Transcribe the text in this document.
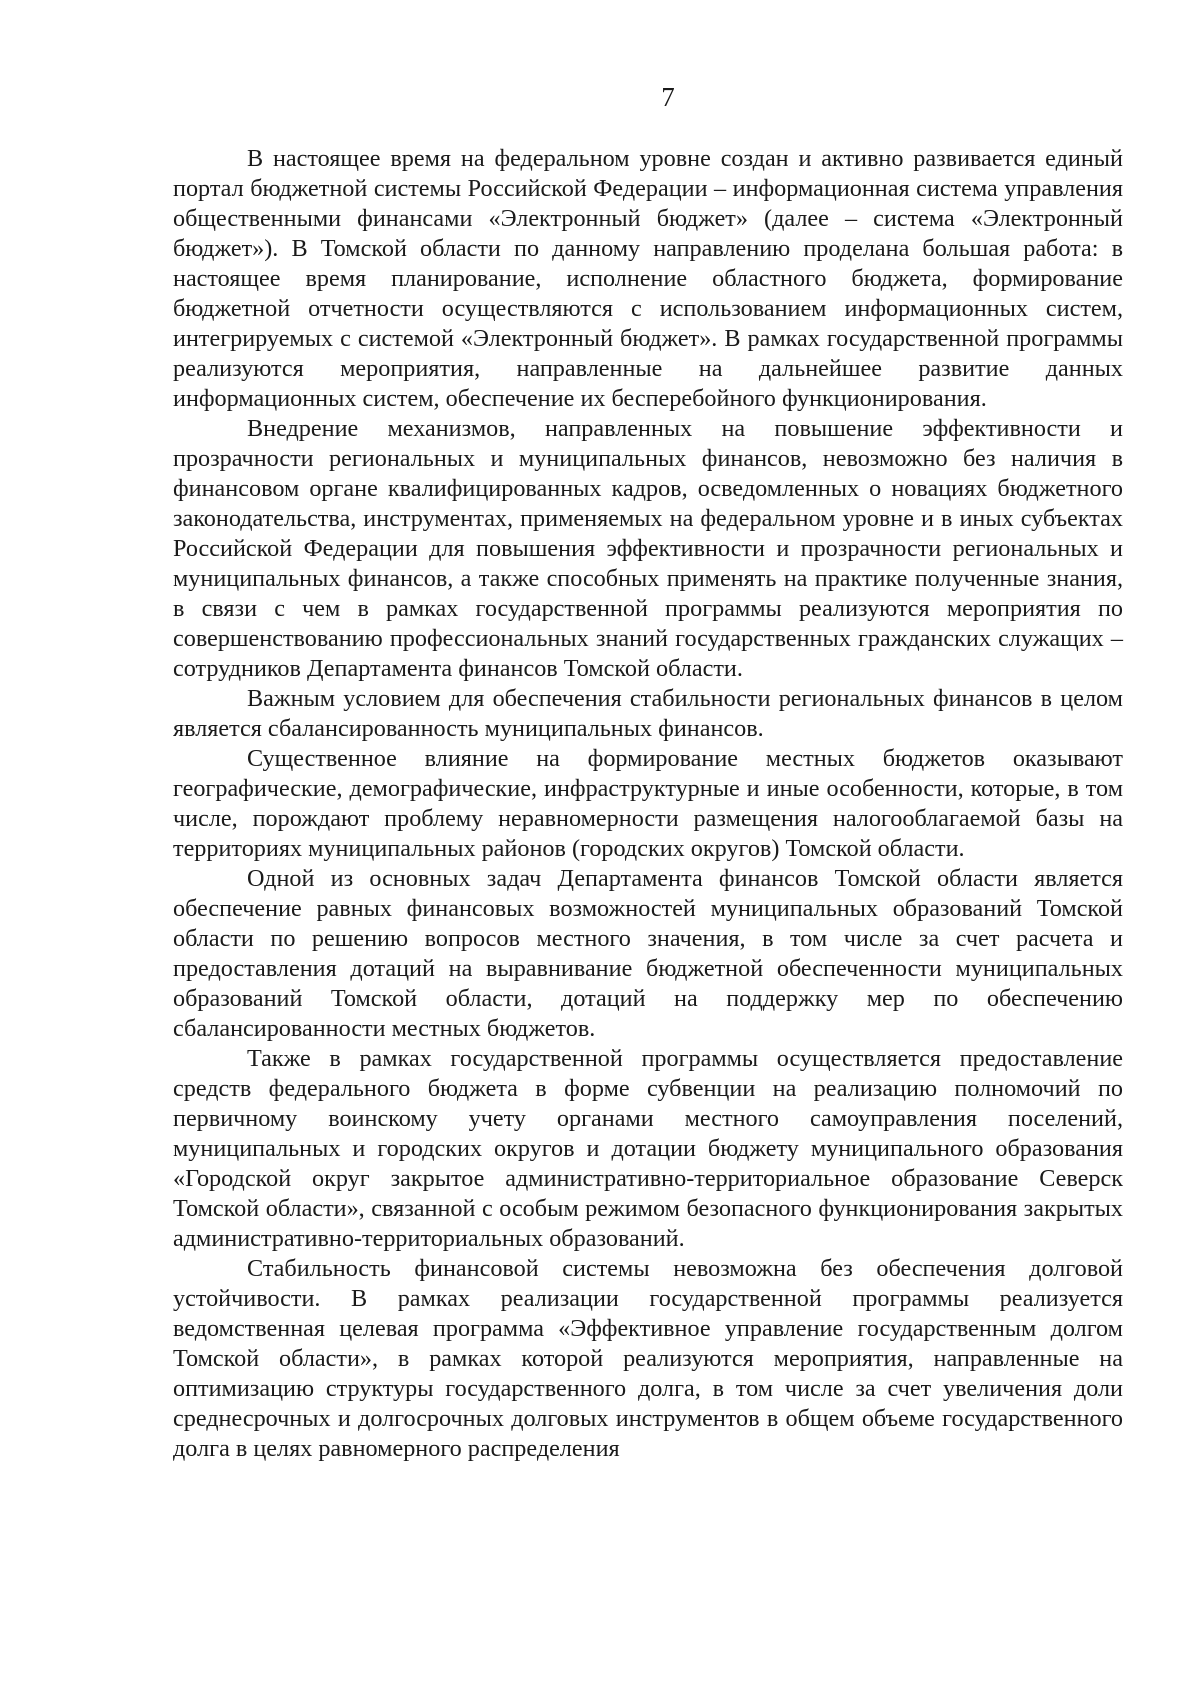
7

В настоящее время на федеральном уровне создан и активно развивается единый портал бюджетной системы Российской Федерации – информационная система управления общественными финансами «Электронный бюджет» (далее – система «Электронный бюджет»). В Томской области по данному направлению проделана большая работа: в настоящее время планирование, исполнение областного бюджета, формирование бюджетной отчетности осуществляются с использованием информационных систем, интегрируемых с системой «Электронный бюджет». В рамках государственной программы реализуются мероприятия, направленные на дальнейшее развитие данных информационных систем, обеспечение их бесперебойного функционирования.

Внедрение механизмов, направленных на повышение эффективности и прозрачности региональных и муниципальных финансов, невозможно без наличия в финансовом органе квалифицированных кадров, осведомленных о новациях бюджетного законодательства, инструментах, применяемых на федеральном уровне и в иных субъектах Российской Федерации для повышения эффективности и прозрачности региональных и муниципальных финансов, а также способных применять на практике полученные знания, в связи с чем в рамках государственной программы реализуются мероприятия по совершенствованию профессиональных знаний государственных гражданских служащих – сотрудников Департамента финансов Томской области.

Важным условием для обеспечения стабильности региональных финансов в целом является сбалансированность муниципальных финансов.

Существенное влияние на формирование местных бюджетов оказывают географические, демографические, инфраструктурные и иные особенности, которые, в том числе, порождают проблему неравномерности размещения налогооблагаемой базы на территориях муниципальных районов (городских округов) Томской области.

Одной из основных задач Департамента финансов Томской области является обеспечение равных финансовых возможностей муниципальных образований Томской области по решению вопросов местного значения, в том числе за счет расчета и предоставления дотаций на выравнивание бюджетной обеспеченности муниципальных образований Томской области, дотаций на поддержку мер по обеспечению сбалансированности местных бюджетов.

Также в рамках государственной программы осуществляется предоставление средств федерального бюджета в форме субвенции на реализацию полномочий по первичному воинскому учету органами местного самоуправления поселений, муниципальных и городских округов и дотации бюджету муниципального образования «Городской округ закрытое административно-территориальное образование Северск Томской области», связанной с особым режимом безопасного функционирования закрытых административно-территориальных образований.

Стабильность финансовой системы невозможна без обеспечения долговой устойчивости. В рамках реализации государственной программы реализуется ведомственная целевая программа «Эффективное управление государственным долгом Томской области», в рамках которой реализуются мероприятия, направленные на оптимизацию структуры государственного долга, в том числе за счет увеличения доли среднесрочных и долгосрочных долговых инструментов в общем объеме государственного долга в целях равномерного распределения
